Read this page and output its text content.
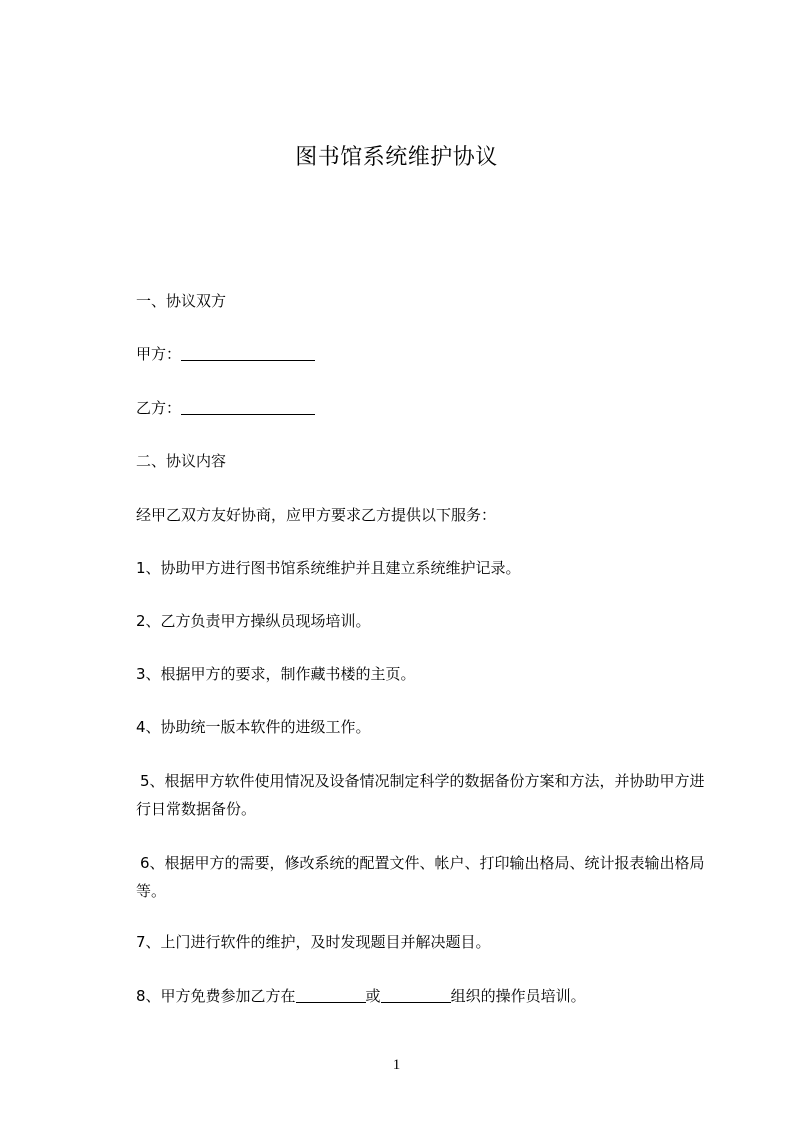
图书馆系统维护协议
一、协议双方
甲方：
乙方：
二、协议内容
经甲乙双方友好协商，应甲方要求乙方提供以下服务：
1、协助甲方进行图书馆系统维护并且建立系统维护记录。
2、乙方负责甲方操纵员现场培训。
3、根据甲方的要求，制作藏书楼的主页。
4、协助统一版本软件的进级工作。
5、根据甲方软件使用情况及设备情况制定科学的数据备份方案和方法，并协助甲方进行日常数据备份。
6、根据甲方的需要，修改系统的配置文件、帐户、打印输出格局、统计报表输出格局等。
7、上门进行软件的维护，及时发现题目并解决题目。
8、甲方免费参加乙方在	或	组织的操作员培训。
1
